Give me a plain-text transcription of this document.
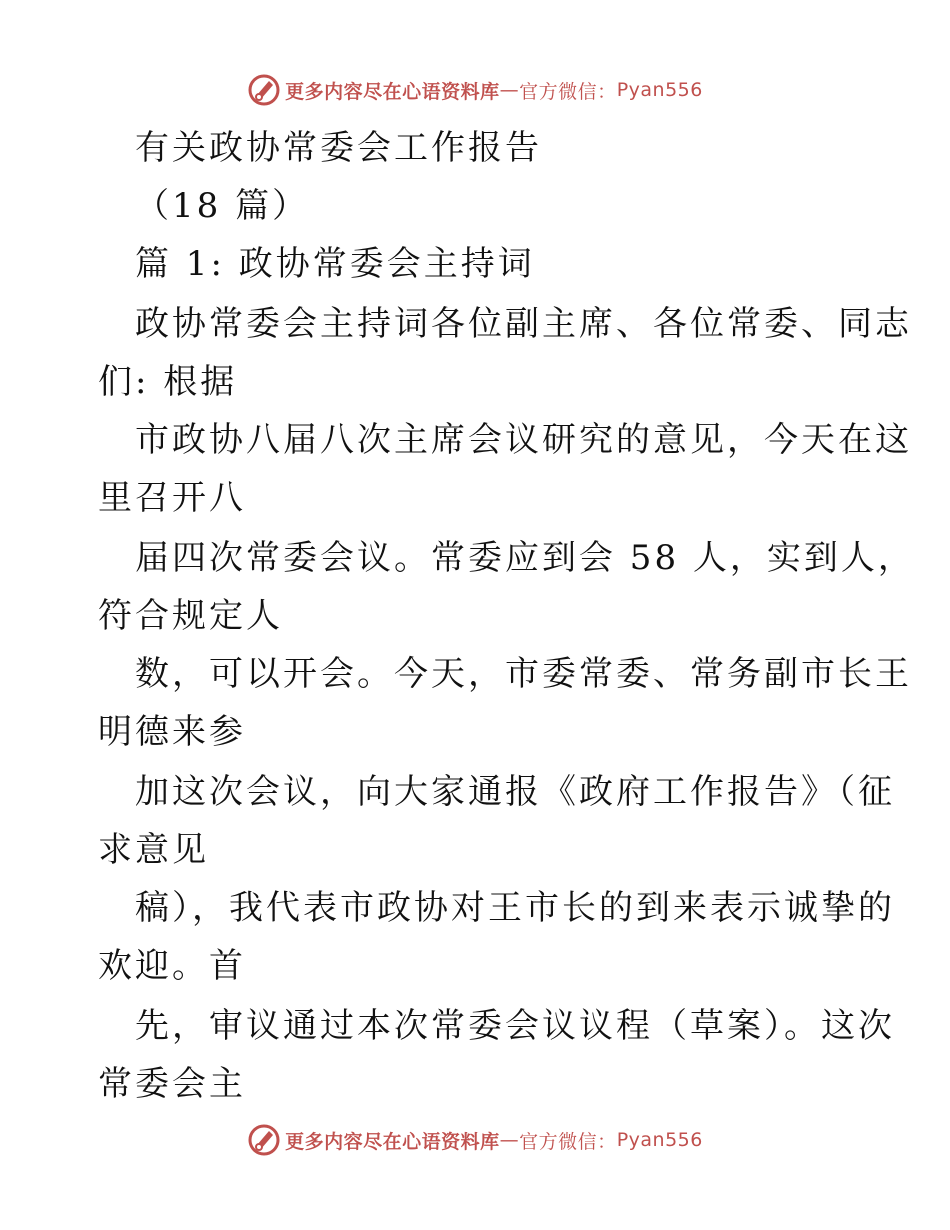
更多内容尽在心语资料库 — 官方微信： Pyan556
有关政协常委会工作报告
（18 篇）
篇 1: 政协常委会主持词
政协常委会主持词各位副主席、各位常委、同志
们: 根据
市政协八届八次主席会议研究的意见，今天在这
里召开八
届四次常委会议。常委应到会 58 人，实到人，
符合规定人
数，可以开会。今天，市委常委、常务副市长王
明德来参
加这次会议，向大家通报《政府工作报告》（征
求意见
稿），我代表市政协对王市长的到来表示诚挚的
欢迎。首
先，审议通过本次常委会议议程（草案）。这次
常委会主
更多内容尽在心语资料库 — 官方微信： Pyan556
